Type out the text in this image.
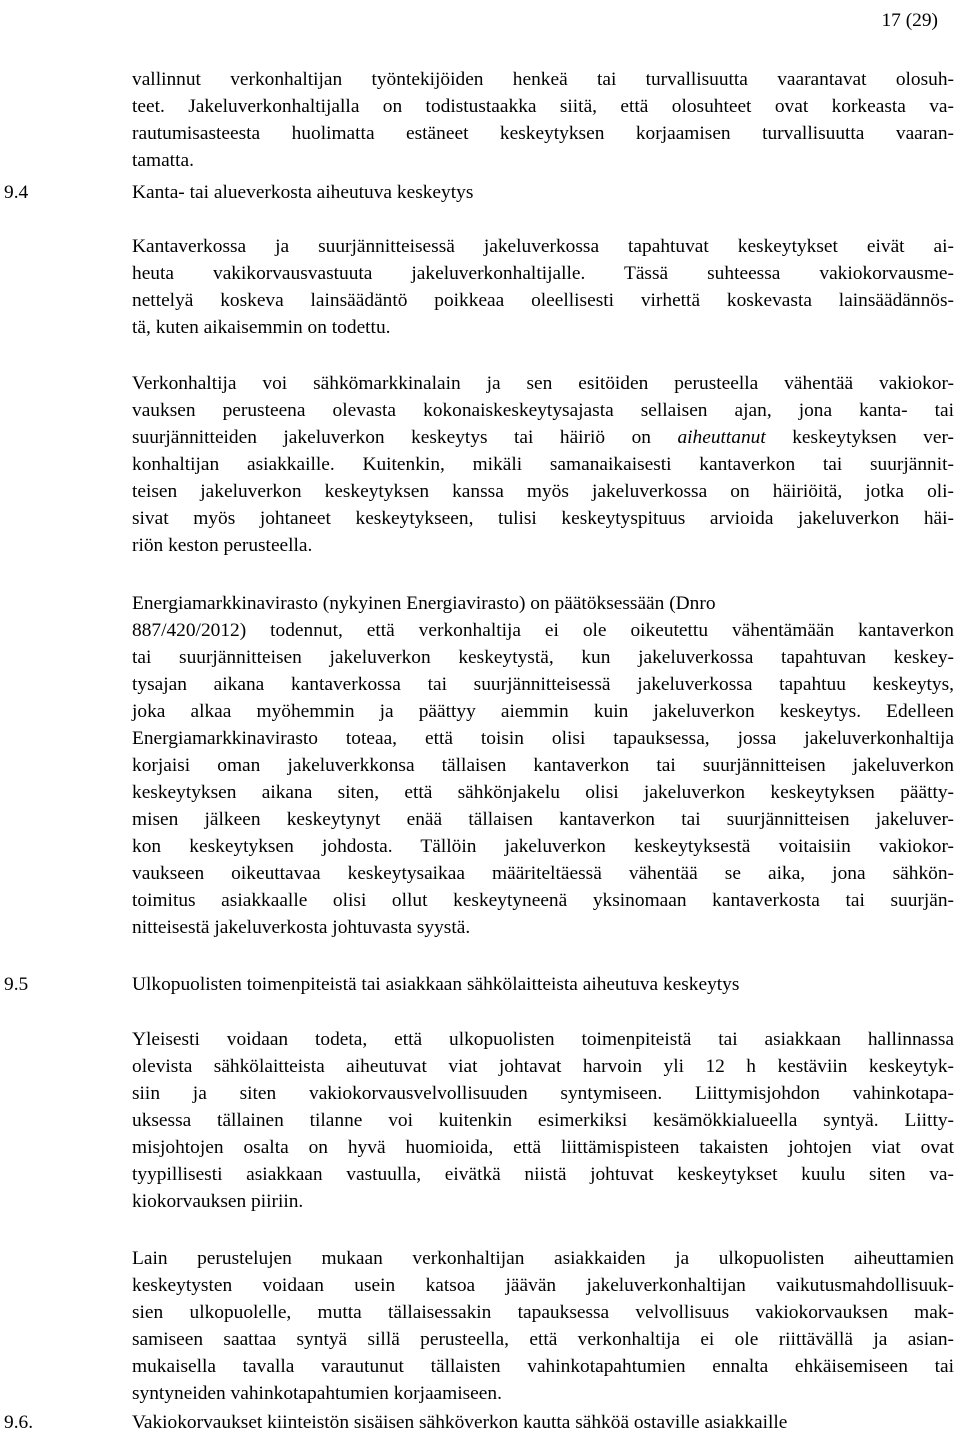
17 (29)
vallinnut verkonhaltijan työntekijöiden henkeä tai turvallisuutta vaarantavat olosuh-
teet. Jakeluverkonhaltijalla on todistustaakka siitä, että olosuhteet ovat korkeasta va-
rautumisasteesta huolimatta estäneet keskeytyksen korjaamisen turvallisuutta vaaran-
tamatta.
9.4	Kanta- tai alueverkosta aiheutuva keskeytys
Kantaverkossa ja suurjännitteisessä jakeluverkossa tapahtuvat keskeytykset eivät ai-
heuta vakikorvausvastuuta jakeluverkonhaltijalle. Tässä suhteessa vakiokorvausme-
nettelyä koskeva lainsäädäntö poikkeaa oleellisesti virhettä koskevasta lainsäädännös-
tä, kuten aikaisemmin on todettu.
Verkonhaltija voi sähkömarkkinalain ja sen esitöiden perusteella vähentää vakiokor-
vauksen perusteena olevasta kokonaiskeskeytysajasta sellaisen ajan, jona kanta- tai
suurjännitteiden jakeluverkon keskeytys tai häiriö on aiheuttanut keskeytyksen ver-
konhaltijan asiakkaille. Kuitenkin, mikäli samanaikaisesti kantaverkon tai suurjännit-
teisen jakeluverkon keskeytyksen kanssa myös jakeluverkossa on häiriöitä, jotka oli-
sivat myös johtaneet keskeytykseen, tulisi keskeytyspituus arvioida jakeluverkon häi-
riön keston perusteella.
Energiamarkkinavirasto (nykyinen Energiavirasto) on päätöksessään (Dnro
887/420/2012) todennut, että verkonhaltija ei ole oikeutettu vähentämään kantaverkon
tai suurjännitteisen jakeluverkon keskeytystä, kun jakeluverkossa tapahtuvan keskey-
tysajan aikana kantaverkossa tai suurjännitteisessä jakeluverkossa tapahtuu keskeytys,
joka alkaa myöhemmin ja päättyy aiemmin kuin jakeluverkon keskeytys. Edelleen
Energiamarkkinavirasto toteaa, että toisin olisi tapauksessa, jossa jakeluverkonhaltija
korjaisi oman jakeluverkkonsa tällaisen kantaverkon tai suurjännitteisen jakeluverkon
keskeytyksen aikana siten, että sähkönjakelu olisi jakeluverkon keskeytyksen päätty-
misen jälkeen keskeytynyt enää tällaisen kantaverkon tai suurjännitteisen jakeluver-
kon keskeytyksen johdosta. Tällöin jakeluverkon keskeytyksestä voitaisiin vakiokor-
vaukseen oikeuttavaa keskeytysaikaa määriteltäessä vähentää se aika, jona sähkön-
toimitus asiakkaalle olisi ollut keskeytyneenä yksinomaan kantaverkosta tai suurjän-
nitteisestä jakeluverkosta johtuvasta syystä.
9.5	Ulkopuolisten toimenpiteistä tai asiakkaan sähkölaitteista aiheutuva keskeytys
Yleisesti voidaan todeta, että ulkopuolisten toimenpiteistä tai asiakkaan hallinnassa
olevista sähkölaitteista aiheutuvat viat johtavat harvoin yli 12 h kestäviin keskeytyk-
siin ja siten vakiokorvausvelvollisuuden syntymiseen. Liittymisjohdon vahinkotapa-
uksessa tällainen tilanne voi kuitenkin esimerkiksi kesämökkialueella syntyä. Liitty-
misjohtojen osalta on hyvä huomioida, että liittämispisteen takaisten johtojen viat ovat
tyypillisesti asiakkaan vastuulla, eivätkä niistä johtuvat keskeytykset kuulu siten va-
kiokorvauksen piiriin.
Lain perustelujen mukaan verkonhaltijan asiakkaiden ja ulkopuolisten aiheuttamien
keskeytysten voidaan usein katsoa jäävän jakeluverkonhaltijan vaikutusmahdollisuuk-
sien ulkopuolelle, mutta tällaisessakin tapauksessa velvollisuus vakiokorvauksen mak-
samiseen saattaa syntyä sillä perusteella, että verkonhaltija ei ole riittävällä ja asian-
mukaisella tavalla varautunut tällaisten vahinkotapahtumien ennalta ehkäisemiseen tai
syntyneiden vahinkotapahtumien korjaamiseen.
9.6.	Vakiokorvaukset kiinteistön sisäisen sähköverkon kautta sähköä ostaville asiakkaille
